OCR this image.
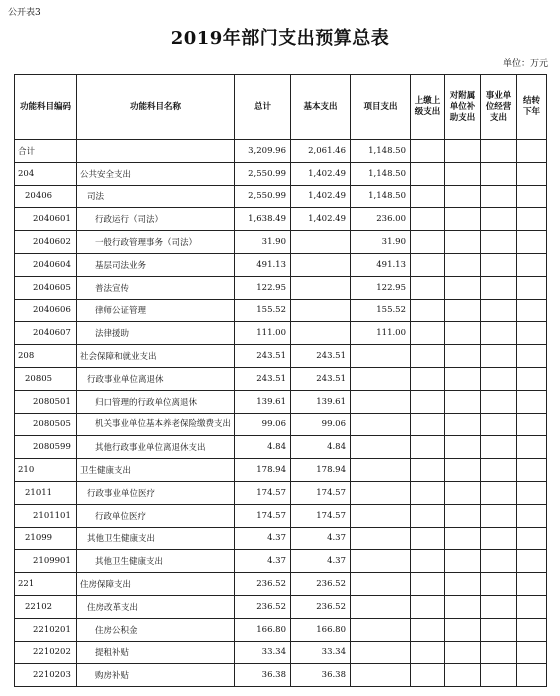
公开表3
2019年部门支出预算总表
单位：万元
功能科目编码	功能科目名称	总计	基本支出	项目支出	上缴上级支出	对附属单位补助支出	事业单位经营支出	结转下年
合计		3,209.96	2,061.46	1,148.50				
204	公共安全支出	2,550.99	1,402.49	1,148.50				
20406	司法	2,550.99	1,402.49	1,148.50				
2040601	行政运行（司法）	1,638.49	1,402.49	236.00				
2040602	一般行政管理事务（司法）	31.90		31.90				
2040604	基层司法业务	491.13		491.13				
2040605	普法宣传	122.95		122.95				
2040606	律师公证管理	155.52		155.52				
2040607	法律援助	111.00		111.00				
208	社会保障和就业支出	243.51	243.51					
20805	行政事业单位离退休	243.51	243.51					
2080501	归口管理的行政单位离退休	139.61	139.61					
2080505	机关事业单位基本养老保险缴费支出	99.06	99.06					
2080599	其他行政事业单位离退休支出	4.84	4.84					
210	卫生健康支出	178.94	178.94					
21011	行政事业单位医疗	174.57	174.57					
2101101	行政单位医疗	174.57	174.57					
21099	其他卫生健康支出	4.37	4.37					
2109901	其他卫生健康支出	4.37	4.37					
221	住房保障支出	236.52	236.52					
22102	住房改革支出	236.52	236.52					
2210201	住房公积金	166.80	166.80					
2210202	提租补贴	33.34	33.34					
2210203	购房补贴	36.38	36.38					
